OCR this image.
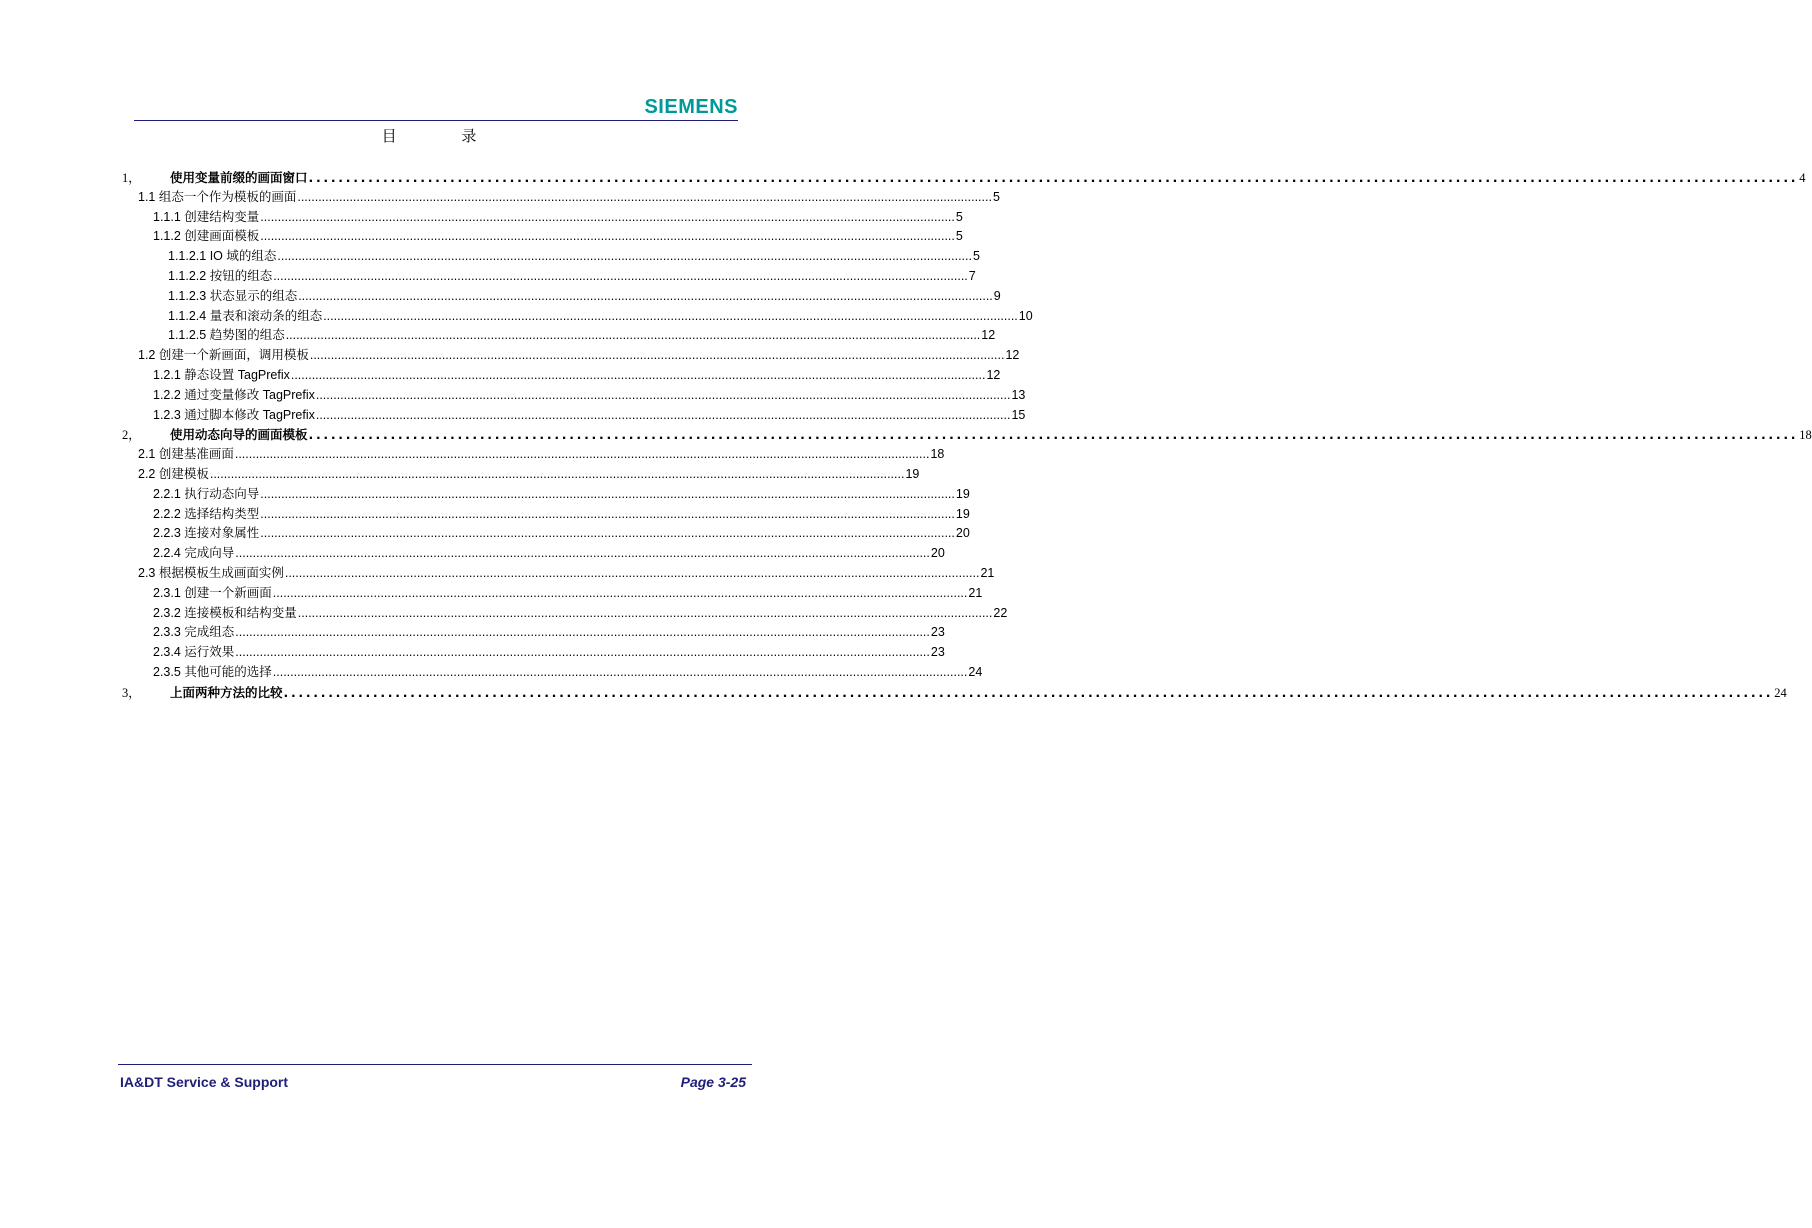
SIEMENS
目 录
1，	使用变量前缀的画面窗口 ........................................................................................................................................................................................................ 4
1.1 组态一个作为模板的画面 ........................................................................................................................................................................................................ 5
1.1.1 创建结构变量 ........................................................................................................................................................................................................ 5
1.1.2 创建画面模板 ........................................................................................................................................................................................................ 5
1.1.2.1 IO 域的组态 ........................................................................................................................................................................................................ 5
1.1.2.2 按钮的组态 ........................................................................................................................................................................................................ 7
1.1.2.3 状态显示的组态 ........................................................................................................................................................................................................ 9
1.1.2.4 量表和滚动条的组态 ........................................................................................................................................................................................................ 10
1.1.2.5 趋势图的组态 ........................................................................................................................................................................................................ 12
1.2 创建一个新画面，调用模板 ........................................................................................................................................................................................................ 12
1.2.1 静态设置 TagPrefix ........................................................................................................................................................................................................ 12
1.2.2 通过变量修改 TagPrefix ........................................................................................................................................................................................................ 13
1.2.3 通过脚本修改 TagPrefix ........................................................................................................................................................................................................ 15
2，	使用动态向导的画面模板 ........................................................................................................................................................................................................ 18
2.1 创建基准画面 ........................................................................................................................................................................................................ 18
2.2 创建模板 ........................................................................................................................................................................................................ 19
2.2.1 执行动态向导 ........................................................................................................................................................................................................ 19
2.2.2 选择结构类型 ........................................................................................................................................................................................................ 19
2.2.3 连接对象属性 ........................................................................................................................................................................................................ 20
2.2.4 完成向导 ........................................................................................................................................................................................................ 20
2.3 根据模板生成画面实例 ........................................................................................................................................................................................................ 21
2.3.1 创建一个新画面 ........................................................................................................................................................................................................ 21
2.3.2 连接模板和结构变量 ........................................................................................................................................................................................................ 22
2.3.3 完成组态 ........................................................................................................................................................................................................ 23
2.3.4 运行效果 ........................................................................................................................................................................................................ 23
2.3.5 其他可能的选择 ........................................................................................................................................................................................................ 24
3，	上面两种方法的比较 ........................................................................................................................................................................................................ 24
IA&DT Service & Support	Page 3-25
